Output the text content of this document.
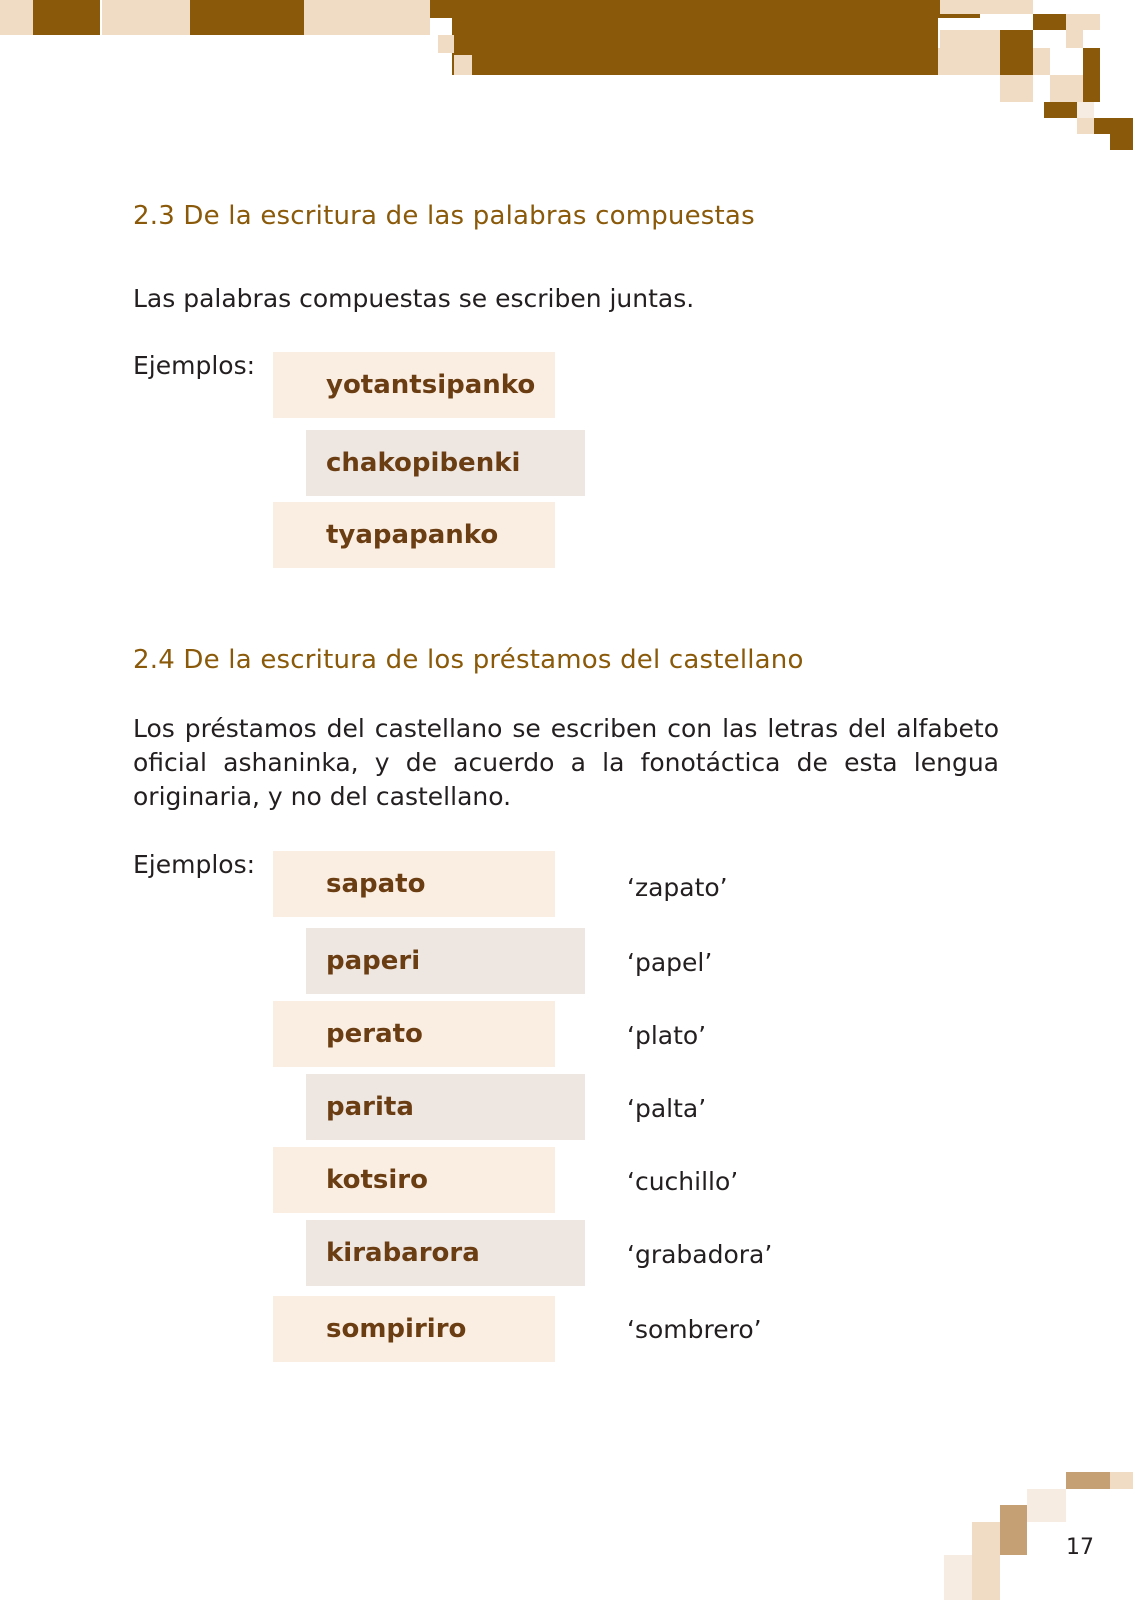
2.3 De la escritura de las palabras compuestas
Las palabras compuestas se escriben juntas.
Ejemplos:
yotantsipanko
chakopibenki
tyapapanko
2.4 De la escritura de los préstamos del castellano
Los préstamos del castellano se escriben con las letras del alfabeto oficial ashaninka, y de acuerdo a la fonotáctica de esta lengua originaria, y no del castellano.
Ejemplos:
sapato	‘zapato’
paperi	‘papel’
perato	‘plato’
parita	‘palta’
kotsiro	‘cuchillo’
kirabarora	‘grabadora’
sompiriro	‘sombrero’
17
